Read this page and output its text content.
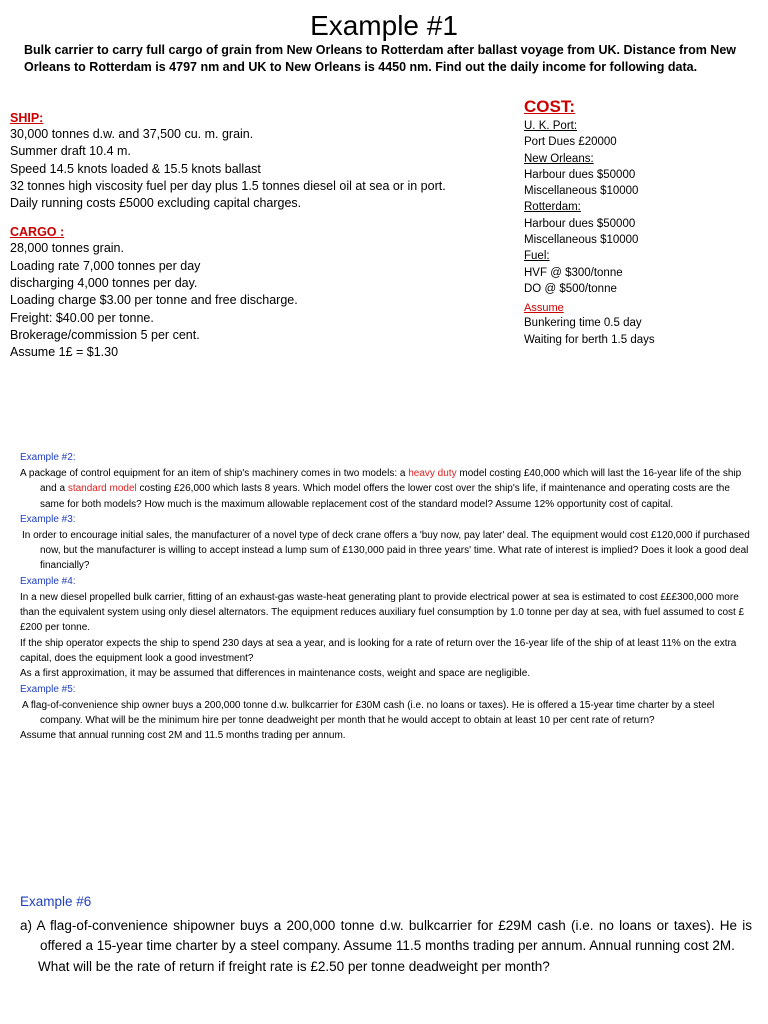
Example #1
Bulk carrier to carry full cargo of grain from New Orleans to Rotterdam after ballast voyage from UK. Distance from New Orleans to Rotterdam is 4797 nm and UK to New Orleans is 4450 nm. Find out the daily income for following data.
SHIP:
30,000 tonnes d.w. and 37,500 cu. m. grain.
Summer draft 10.4 m.
Speed 14.5 knots loaded & 15.5 knots ballast
32 tonnes high viscosity fuel per day plus 1.5 tonnes diesel oil at sea or in port.
Daily running costs £5000 excluding capital charges.
CARGO :
28,000 tonnes grain.
Loading rate 7,000 tonnes per day
discharging 4,000 tonnes per day.
Loading charge $3.00 per tonne and free discharge.
Freight: $40.00 per tonne.
Brokerage/commission 5 per cent.
Assume 1£ = $1.30
COST:
U. K. Port:
Port Dues £20000
New Orleans:
Harbour dues $50000
Miscellaneous $10000
Rotterdam:
Harbour dues $50000
Miscellaneous $10000
Fuel:
HVF @ $300/tonne
DO @ $500/tonne
Assume
Bunkering time 0.5 day
Waiting for berth 1.5 days
Example #2:
A package of control equipment for an item of ship's machinery comes in two models: a heavy duty model costing £40,000 which will last the 16-year life of the ship and a standard model costing £26,000 which lasts 8 years. Which model offers the lower cost over the ship's life, if maintenance and operating costs are the same for both models? How much is the maximum allowable replacement cost of the standard model? Assume 12% opportunity cost of capital.
Example #3:
In order to encourage initial sales, the manufacturer of a novel type of deck crane offers a 'buy now, pay later' deal. The equipment would cost £120,000 if purchased now, but the manufacturer is willing to accept instead a lump sum of £130,000 paid in three years' time. What rate of interest is implied? Does it look a good deal financially?
Example #4:
In a new diesel propelled bulk carrier, fitting of an exhaust-gas waste-heat generating plant to provide electrical power at sea is estimated to cost £££300,000 more than the equivalent system using only diesel alternators. The equipment reduces auxiliary fuel consumption by 1.0 tonne per day at sea, with fuel assumed to cost ££200 per tonne.
If the ship operator expects the ship to spend 230 days at sea a year, and is looking for a rate of return over the 16-year life of the ship of at least 11% on the extra capital, does the equipment look a good investment?
As a first approximation, it may be assumed that differences in maintenance costs, weight and space are negligible.
Example #5:
A flag-of-convenience ship owner buys a 200,000 tonne d.w. bulkcarrier for £30M cash (i.e. no loans or taxes). He is offered a 15-year time charter by a steel company. What will be the minimum hire per tonne deadweight per month that he would accept to obtain at least 10 per cent rate of return?
Assume that annual running cost 2M and 11.5 months trading per annum.
Example #6
a) A flag-of-convenience shipowner buys a 200,000 tonne d.w. bulkcarrier for £29M cash (i.e. no loans or taxes). He is offered a 15-year time charter by a steel company. Assume 11.5 months trading per annum. Annual running cost 2M.
What will be the rate of return if freight rate is £2.50 per tonne deadweight per month?
